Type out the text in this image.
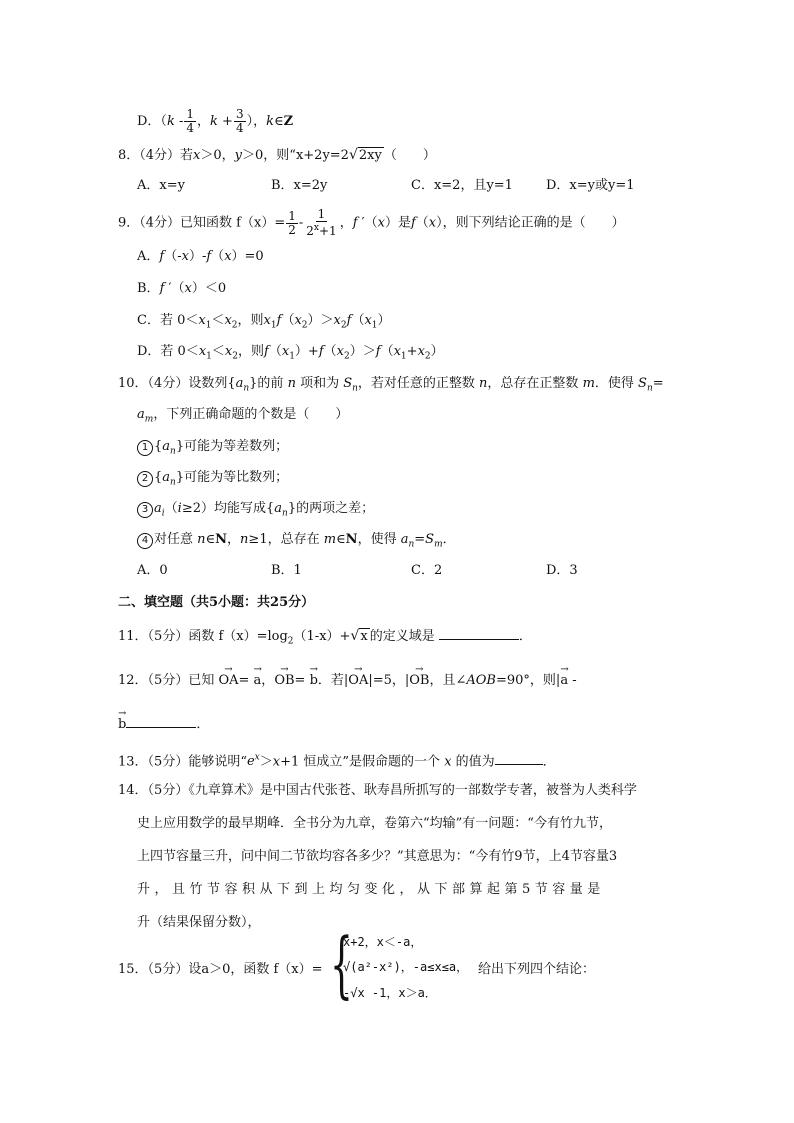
D．（$k - \frac{1}{4}$ ，$k + \frac{3}{4}$ ），k∈Z
8．（4分）若x＞0，y＞0，则“x+2y=2√2xy （　　）
A．x=y	B．x=2y	C．x=2，且y=1	D．x=y或y=1
9．（4分）已知函数 $f(x)= \frac{1}{2} - \frac{1}{2^x+1}$ ，f ′（x）是f（x），则下列结论正确的是（　　）
A．f（-x）-f（x）=0
B．f ′（x）＜0
C．若 $0<x_1<x_2$，则$x_1f(x_2)>x_2f(x_1)$
D．若 $0<x_1<x_2$，则$f(x_1)+f(x_2)>f(x_1+x_2)$
10．（4分）设数列$\{a_n\}$的前 n 项和为 $S_n$，若对任意的正整数 n，总存在正整数 m．使得 $S_n=$
$a_m$，下列正确命题的个数是（　　）
1 $\{a_n\}$可能为等差数列；
2 $\{a_n\}$可能为等比数列；
3 $a_i(i\ge 2)$均能写成$\{a_n\}$的两项之差；
4 对任意 n∈N，n≥1，总存在 m∈N，使得 $a_n=S_m$．
A．0	B．1	C．2	D．3
二、填空题（共5小题：共25分）
11．（5分）函数 $f(x)=\log_2(1-x)+√x$ 的定义域是	．
12．（5分）已知 → OA= → a，→ OB= → b．若|→ OA|=5，|→ OB，且∠AOB=90°，则|→ a -
→ b	．
13．（5分）能够说明“$e^x>x+1$ 恒成立”是假命题的一个 x 的值为	．
14．（5分）《九章算术》是中国古代张苍、耿寿昌所抓写的一部数学专著，被誉为人类科学
史上应用数学的最早期峰．全书分为九章，卷第六“均输”有一问题：“今有竹九节，
上四节容量三升，问中间二节欲均容各多少？”其意思为：“今有竹9节，上4节容量3
升，且竹节容积从下到上均匀变化，从下部算起第5节容量是
升（结果保留分数），
15．（5分）设a＞0，函数 f（x）= {
x+2，x＜-a，
√(a²-x²)，-a≤x≤a，
-√x -1，x＞a．
给出下列四个结论：
